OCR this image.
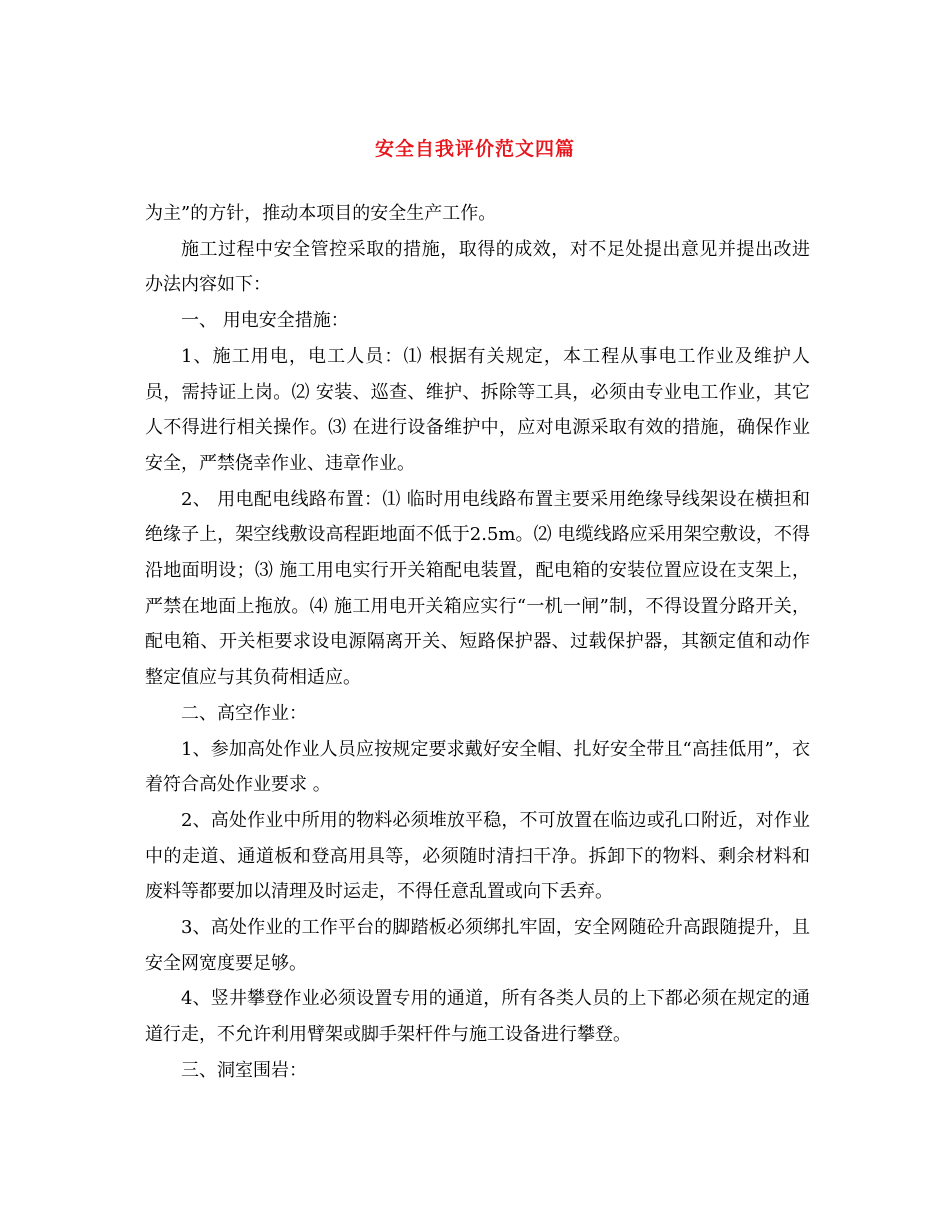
安全自我评价范文四篇

为主”的方针，推动本项目的安全生产工作。

施工过程中安全管控采取的措施，取得的成效，对不足处提出意见并提出改进办法内容如下：

一、 用电安全措施：

1、施工用电，电工人员：⑴ 根据有关规定，本工程从事电工作业及维护人员，需持证上岗。⑵ 安装、巡查、维护、拆除等工具，必须由专业电工作业，其它人不得进行相关操作。⑶ 在进行设备维护中，应对电源采取有效的措施，确保作业安全，严禁侥幸作业、违章作业。

2、 用电配电线路布置：⑴ 临时用电线路布置主要采用绝缘导线架设在横担和绝缘子上，架空线敷设高程距地面不低于2.5m。⑵ 电缆线路应采用架空敷设，不得沿地面明设；⑶ 施工用电实行开关箱配电装置，配电箱的安装位置应设在支架上，严禁在地面上拖放。⑷ 施工用电开关箱应实行“一机一闸”制，不得设置分路开关，配电箱、开关柜要求设电源隔离开关、短路保护器、过载保护器，其额定值和动作整定值应与其负荷相适应。

二、高空作业：

1、参加高处作业人员应按规定要求戴好安全帽、扎好安全带且“高挂低用”，衣着符合高处作业要求 。

2、高处作业中所用的物料必须堆放平稳，不可放置在临边或孔口附近，对作业中的走道、通道板和登高用具等，必须随时清扫干净。拆卸下的物料、剩余材料和废料等都要加以清理及时运走，不得任意乱置或向下丢弃。

3、高处作业的工作平台的脚踏板必须绑扎牢固，安全网随砼升高跟随提升，且安全网宽度要足够。

4、竖井攀登作业必须设置专用的通道，所有各类人员的上下都必须在规定的通道行走，不允许利用臂架或脚手架杆件与施工设备进行攀登。

三、洞室围岩：
